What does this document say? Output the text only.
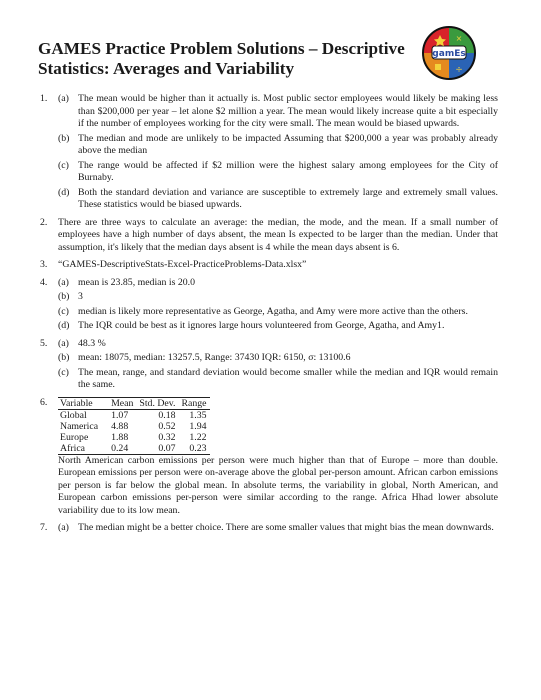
GAMES Practice Problem Solutions – Descriptive Statistics: Averages and Variability
gamEs
×
÷
1. (a) The mean would be higher than it actually is. Most public sector employees would likely be making less than $200,000 per year – let alone $2 million a year. The mean would likely increase quite a bit especially if the number of employees working for the city were small. The mean would be biased upwards.
(b) The median and mode are unlikely to be impacted Assuming that $200,000 a year was probably already above the median
(c) The range would be affected if $2 million were the highest salary among employees for the City of Burnaby.
(d) Both the standard deviation and variance are susceptible to extremely large and extremely small values. These statistics would be biased upwards.
2. There are three ways to calculate an average: the median, the mode, and the mean. If a small number of employees have a high number of days absent, the mean Is expected to be larger than the median. Under that assumption, it's likely that the median days absent is 4 while the mean days absent is 6.

3. “GAMES-DescriptiveStats-Excel-PracticeProblems-Data.xlsx”

4. (a) mean is 23.85, median is 20.0
(b) 3
(c) median is likely more representative as George, Agatha, and Amy were more active than the others.
(d) The IQR could be best as it ignores large hours volunteered from George, Agatha, and Amy1.
5. (a) 48.3 %
(b) mean: 18075, median: 13257.5, Range: 37430 IQR: 6150, σ: 13100.6
(c) The mean, range, and standard deviation would become smaller while the median and IQR would remain the same.
6. Variable	Mean	Std. Dev.	Range
Global	1.07	0.18	1.35
Namerica	4.88	0.52	1.94
Europe	1.88	0.32	1.22
Africa	0.24	0.07	0.23

North American carbon emissions per person were much higher than that of Europe – more than double. European emissions per person were on-average above the global per-person amount. African carbon emissions per person is far below the global mean. In absolute terms, the variability in global, North American, and European carbon emissions per-person were similar according to the range. Africa Hhad lower absolute variability due to its low mean.

7. (a) The median might be a better choice. There are some smaller values that might bias the mean downwards.
